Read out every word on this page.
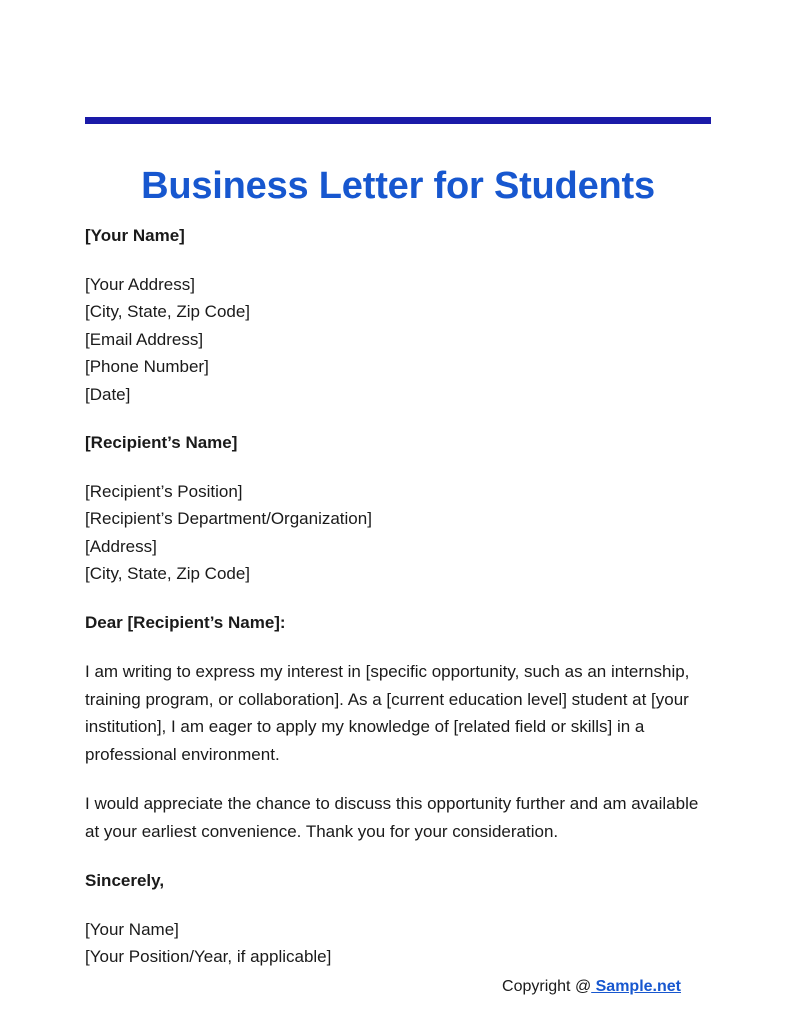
Business Letter for Students
[Your Name]
[Your Address]
[City, State, Zip Code]
[Email Address]
[Phone Number]
[Date]
[Recipient’s Name]
[Recipient’s Position]
[Recipient’s Department/Organization]
[Address]
[City, State, Zip Code]

Dear [Recipient’s Name]:

I am writing to express my interest in [specific opportunity, such as an internship, training program, or collaboration]. As a [current education level] student at [your institution], I am eager to apply my knowledge of [related field or skills] in a professional environment.

I would appreciate the chance to discuss this opportunity further and am available at your earliest convenience. Thank you for your consideration.

Sincerely,

[Your Name]
[Your Position/Year, if applicable]
Copyright @ Sample.net
